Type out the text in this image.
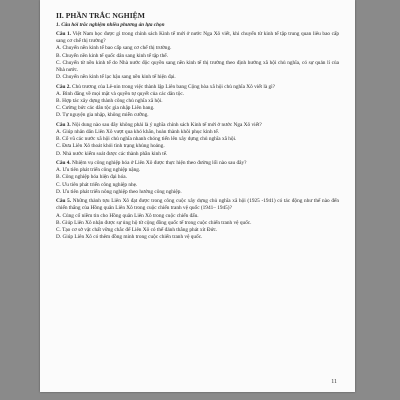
II. PHẦN TRẮC NGHIỆM
1. Câu hỏi trắc nghiệm nhiều phương án lựa chọn

Câu 1. Việt Nam học được gì trong chính sách Kinh tế mới ở nước Nga Xô viết, khi chuyển từ kinh tế tập trung quan liêu bao cấp sang cơ chế thị trường?

A. Chuyển nền kinh tế bao cấp sang cơ chế thị trường.

B. Chuyển nền kinh tế quốc dân sang kinh tế tập thể.

C. Chuyển từ nền kinh tế do Nhà nước độc quyền sang nền kinh tế thị trường theo định hướng xã hội chủ nghĩa, có sự quản lí của Nhà nước.

D. Chuyển nền kinh tế lạc hậu sang nền kinh tế hiện đại.

Câu 2. Chủ trương của Lê-nin trong việc thành lập Liên bang Cộng hòa xã hội chủ nghĩa Xô viết là gì?

A. Bình đẳng về mọi mặt và quyền tự quyết của các dân tộc.

B. Hợp tác xây dựng thành công chủ nghĩa xã hội.

C. Cường bức các dân tộc gia nhập Liên bang.

D. Tự nguyện gia nhập, không miễn cưỡng.

Câu 3. Nội dung nào sau đây không phải là ý nghĩa chính sách Kinh tế mới ở nước Nga Xô viết?

A. Giúp nhân dân Liên Xô vượt qua khó khăn, hoàn thành khôi phục kinh tế.

B. Cổ vũ các nước xã hội chủ nghĩa nhanh chóng tiến lên xây dựng chủ nghĩa xã hội.

C. Đưa Liên Xô thoát khỏi tình trạng khủng hoảng.

D. Nhà nước kiểm soát được các thành phần kinh tế.

Câu 4. Nhiệm vụ công nghiệp hóa ở Liên Xô được thực hiện theo đường lối nào sau đây?

A. Ưu tiên phát triển công nghiệp nặng.

B. Công nghiệp hóa hiện đại hóa.

C. Ưu tiên phát triển công nghiệp nhẹ.

D. Ưu tiên phát triển nông nghiệp theo hướng công nghiệp.

Câu 5. Những thành tựu Liên Xô đạt được trong công cuộc xây dựng chủ nghĩa xã hội (1925 -1941) có tác động như thế nào đến chiến thắng của Hồng quân Liên Xô trong cuộc chiến tranh vệ quốc (1941– 1945)?

A. Củng cố niềm tin cho Hồng quân Liên Xô trong cuộc chiến đấu.

B. Giúp Liên Xô nhận được sự ủng hộ từ cộng đồng quốc tế trong cuộc chiến tranh vệ quốc.

C. Tạo cơ sở vật chất vững chắc để Liên Xô có thể đánh thắng phát xít Đức.

D. Giúp Liên Xô có thêm đồng minh trong cuộc chiến tranh vệ quốc.

11
